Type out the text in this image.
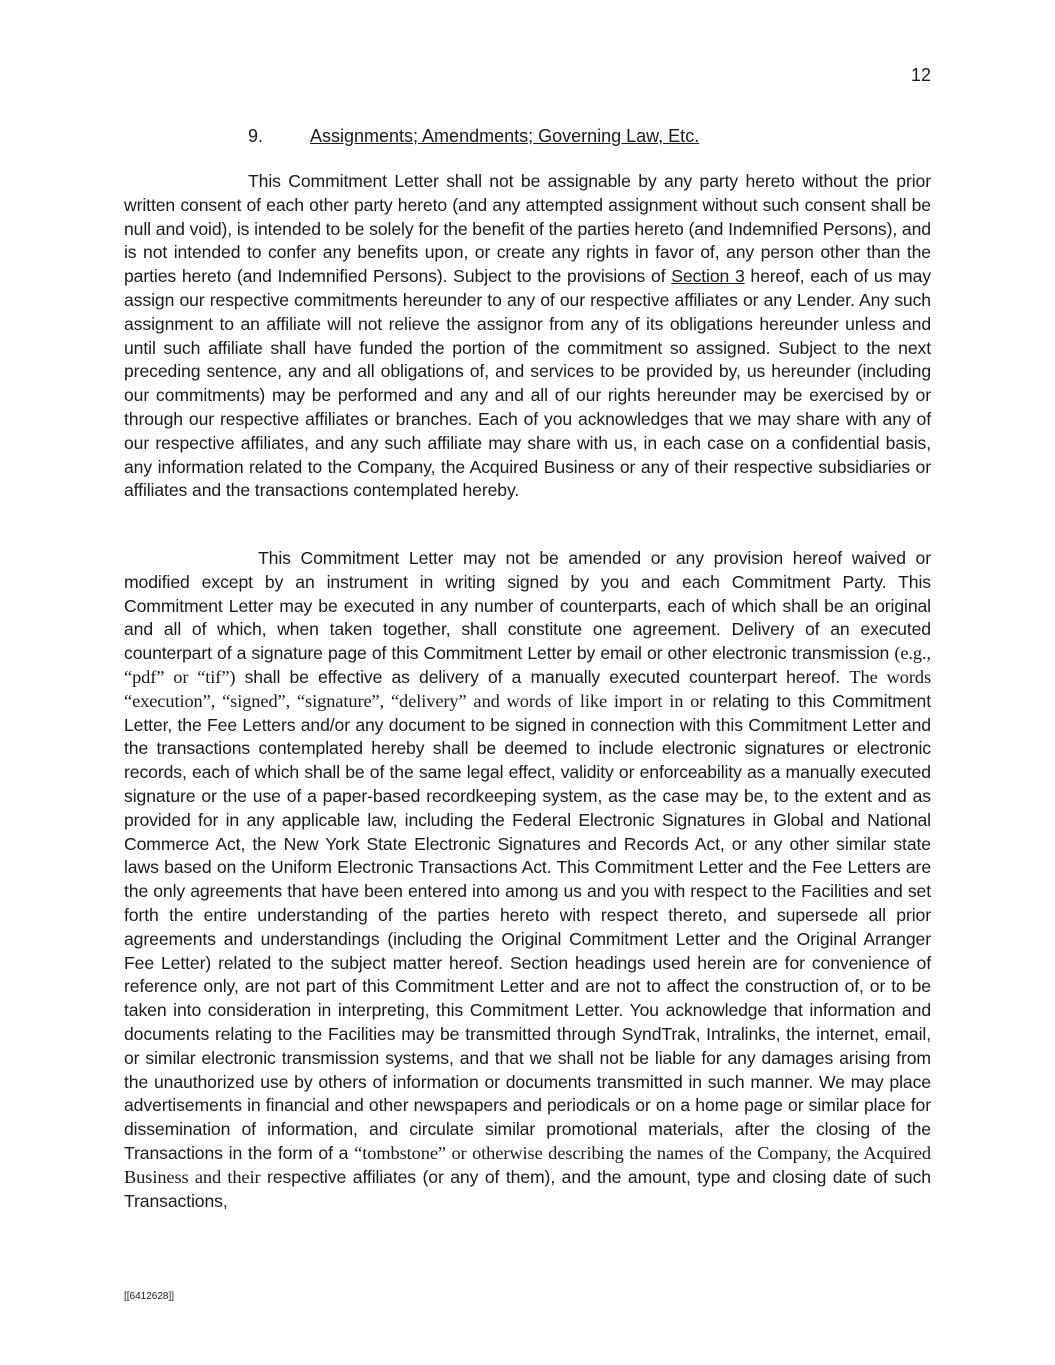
12
9.	Assignments; Amendments; Governing Law, Etc.

This Commitment Letter shall not be assignable by any party hereto without the prior written consent of each other party hereto (and any attempted assignment without such consent shall be null and void), is intended to be solely for the benefit of the parties hereto (and Indemnified Persons), and is not intended to confer any benefits upon, or create any rights in favor of, any person other than the parties hereto (and Indemnified Persons). Subject to the provisions of Section 3 hereof, each of us may assign our respective commitments hereunder to any of our respective affiliates or any Lender. Any such assignment to an affiliate will not relieve the assignor from any of its obligations hereunder unless and until such affiliate shall have funded the portion of the commitment so assigned. Subject to the next preceding sentence, any and all obligations of, and services to be provided by, us hereunder (including our commitments) may be performed and any and all of our rights hereunder may be exercised by or through our respective affiliates or branches. Each of you acknowledges that we may share with any of our respective affiliates, and any such affiliate may share with us, in each case on a confidential basis, any information related to the Company, the Acquired Business or any of their respective subsidiaries or affiliates and the transactions contemplated hereby.

This Commitment Letter may not be amended or any provision hereof waived or modified except by an instrument in writing signed by you and each Commitment Party. This Commitment Letter may be executed in any number of counterparts, each of which shall be an original and all of which, when taken together, shall constitute one agreement. Delivery of an executed counterpart of a signature page of this Commitment Letter by email or other electronic transmission (e.g., “pdf” or “tif”) shall be effective as delivery of a manually executed counterpart hereof. The words “execution”, “signed”, “signature”, “delivery” and words of like import in or relating to this Commitment Letter, the Fee Letters and/or any document to be signed in connection with this Commitment Letter and the transactions contemplated hereby shall be deemed to include electronic signatures or electronic records, each of which shall be of the same legal effect, validity or enforceability as a manually executed signature or the use of a paper-based recordkeeping system, as the case may be, to the extent and as provided for in any applicable law, including the Federal Electronic Signatures in Global and National Commerce Act, the New York State Electronic Signatures and Records Act, or any other similar state laws based on the Uniform Electronic Transactions Act. This Commitment Letter and the Fee Letters are the only agreements that have been entered into among us and you with respect to the Facilities and set forth the entire understanding of the parties hereto with respect thereto, and supersede all prior agreements and understandings (including the Original Commitment Letter and the Original Arranger Fee Letter) related to the subject matter hereof. Section headings used herein are for convenience of reference only, are not part of this Commitment Letter and are not to affect the construction of, or to be taken into consideration in interpreting, this Commitment Letter. You acknowledge that information and documents relating to the Facilities may be transmitted through SyndTrak, Intralinks, the internet, email, or similar electronic transmission systems, and that we shall not be liable for any damages arising from the unauthorized use by others of information or documents transmitted in such manner. We may place advertisements in financial and other newspapers and periodicals or on a home page or similar place for dissemination of information, and circulate similar promotional materials, after the closing of the Transactions in the form of a “tombstone” or otherwise describing the names of the Company, the Acquired Business and their respective affiliates (or any of them), and the amount, type and closing date of such Transactions,

[[6412628]]
